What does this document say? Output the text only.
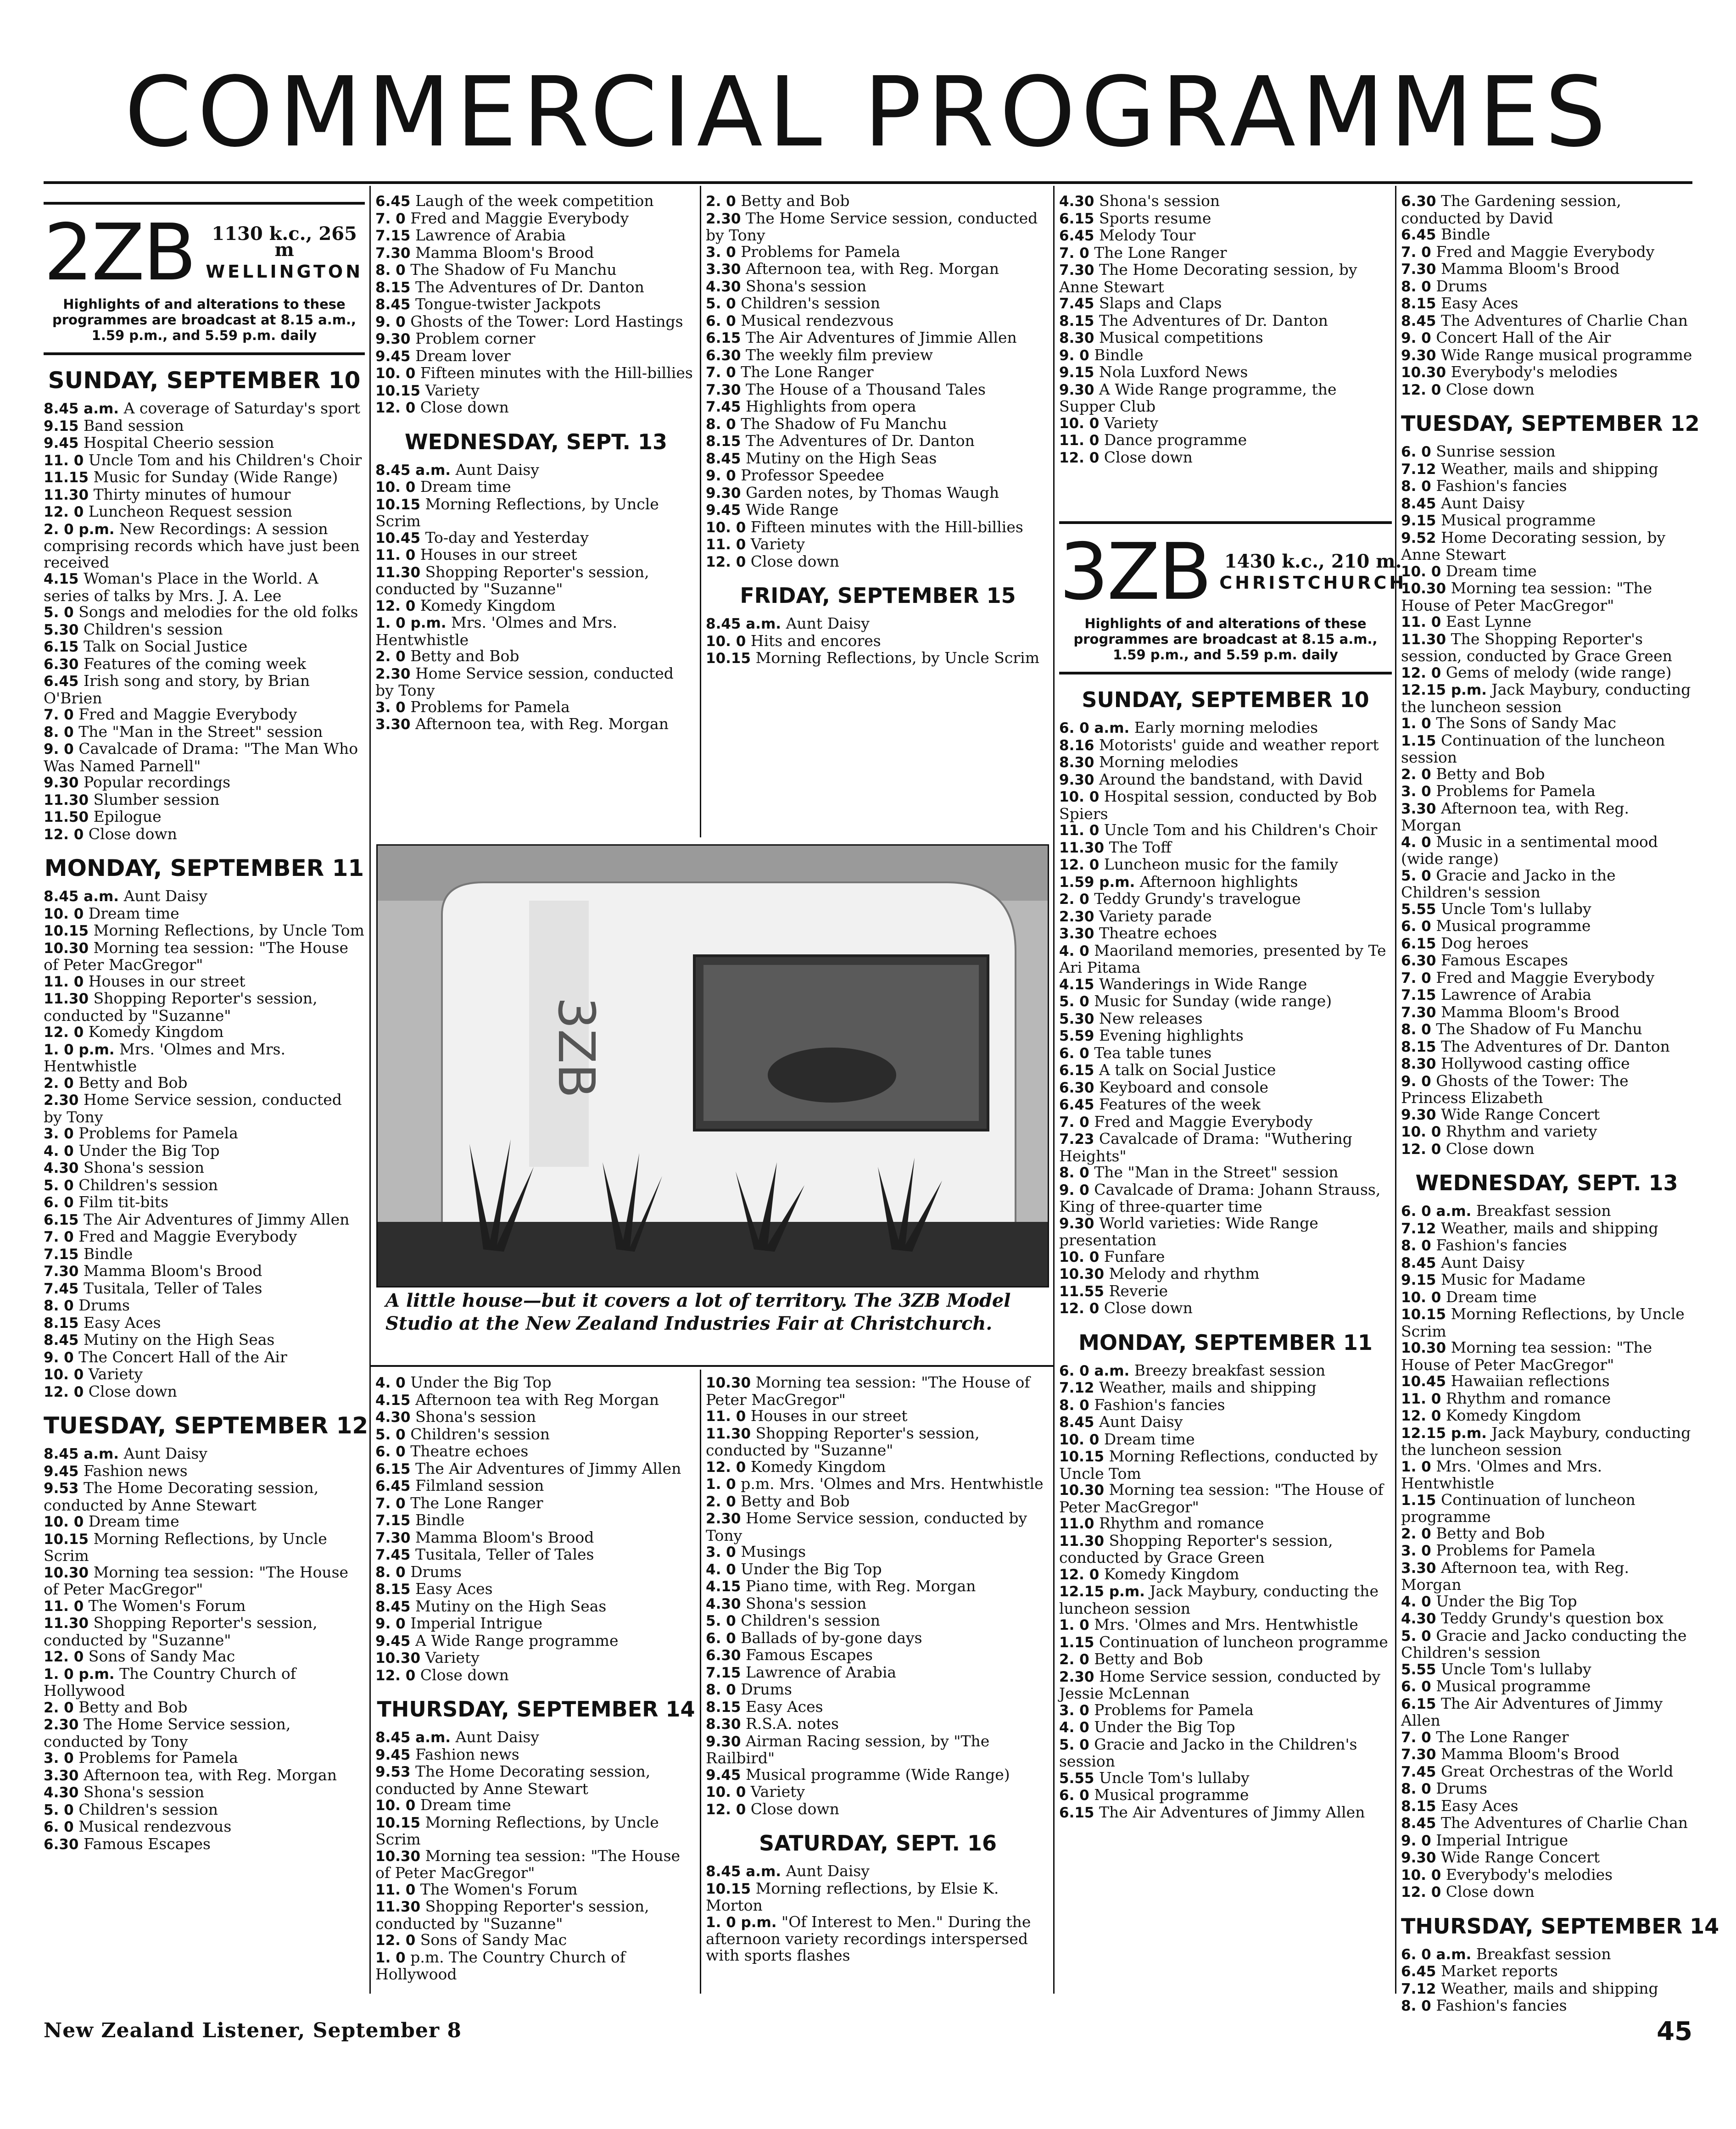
COMMERCIAL PROGRAMMES
2ZB 1130 k.c., 265 m
WELLINGTON
Highlights of and alterations to these programmes are broadcast at 8.15 a.m., 1.59 p.m., and 5.59 p.m. daily
SUNDAY, SEPTEMBER 10

8.45 a.m. A coverage of Saturday's sport

9.15 Band session

9.45 Hospital Cheerio session

11. 0 Uncle Tom and his Children's Choir

11.15 Music for Sunday (Wide Range)

11.30 Thirty minutes of humour

12. 0 Luncheon Request session

2. 0 p.m. New Recordings: A session comprising records which have just been received

4.15 Woman's Place in the World. A series of talks by Mrs. J. A. Lee

5. 0 Songs and melodies for the old folks

5.30 Children's session

6.15 Talk on Social Justice

6.30 Features of the coming week

6.45 Irish song and story, by Brian O'Brien

7. 0 Fred and Maggie Everybody

8. 0 The "Man in the Street" session

9. 0 Cavalcade of Drama: "The Man Who Was Named Parnell"

9.30 Popular recordings

11.30 Slumber session

11.50 Epilogue

12. 0 Close down

MONDAY, SEPTEMBER 11

8.45 a.m. Aunt Daisy

10. 0 Dream time

10.15 Morning Reflections, by Uncle Tom

10.30 Morning tea session: "The House of Peter MacGregor"

11. 0 Houses in our street

11.30 Shopping Reporter's session, conducted by "Suzanne"

12. 0 Komedy Kingdom

1. 0 p.m. Mrs. 'Olmes and Mrs. Hentwhistle

2. 0 Betty and Bob

2.30 Home Service session, conducted by Tony

3. 0 Problems for Pamela

4. 0 Under the Big Top

4.30 Shona's session

5. 0 Children's session

6. 0 Film tit-bits

6.15 The Air Adventures of Jimmy Allen

7. 0 Fred and Maggie Everybody

7.15 Bindle

7.30 Mamma Bloom's Brood

7.45 Tusitala, Teller of Tales

8. 0 Drums

8.15 Easy Aces

8.45 Mutiny on the High Seas

9. 0 The Concert Hall of the Air

10. 0 Variety

12. 0 Close down

TUESDAY, SEPTEMBER 12

8.45 a.m. Aunt Daisy

9.45 Fashion news

9.53 The Home Decorating session, conducted by Anne Stewart

10. 0 Dream time

10.15 Morning Reflections, by Uncle Scrim

10.30 Morning tea session: "The House of Peter MacGregor"

11. 0 The Women's Forum

11.30 Shopping Reporter's session, conducted by "Suzanne"

12. 0 Sons of Sandy Mac

1. 0 p.m. The Country Church of Hollywood

2. 0 Betty and Bob

2.30 The Home Service session, conducted by Tony

3. 0 Problems for Pamela

3.30 Afternoon tea, with Reg. Morgan

4.30 Shona's session

5. 0 Children's session

6. 0 Musical rendezvous

6.30 Famous Escapes

6.45 Laugh of the week competition

7. 0 Fred and Maggie Everybody

7.15 Lawrence of Arabia

7.30 Mamma Bloom's Brood

8. 0 The Shadow of Fu Manchu

8.15 The Adventures of Dr. Danton

8.45 Tongue-twister Jackpots

9. 0 Ghosts of the Tower: Lord Hastings

9.30 Problem corner

9.45 Dream lover

10. 0 Fifteen minutes with the Hill-billies

10.15 Variety

12. 0 Close down

WEDNESDAY, SEPT. 13

8.45 a.m. Aunt Daisy

10. 0 Dream time

10.15 Morning Reflections, by Uncle Scrim

10.45 To-day and Yesterday

11. 0 Houses in our street

11.30 Shopping Reporter's session, conducted by "Suzanne"

12. 0 Komedy Kingdom

1. 0 p.m. Mrs. 'Olmes and Mrs. Hentwhistle

2. 0 Betty and Bob

2.30 Home Service session, conducted by Tony

3. 0 Problems for Pamela

3.30 Afternoon tea, with Reg. Morgan

2. 0 Betty and Bob

2.30 The Home Service session, conducted by Tony

3. 0 Problems for Pamela

3.30 Afternoon tea, with Reg. Morgan

4.30 Shona's session

5. 0 Children's session

6. 0 Musical rendezvous

6.15 The Air Adventures of Jimmie Allen

6.30 The weekly film preview

7. 0 The Lone Ranger

7.30 The House of a Thousand Tales

7.45 Highlights from opera

8. 0 The Shadow of Fu Manchu

8.15 The Adventures of Dr. Danton

8.45 Mutiny on the High Seas

9. 0 Professor Speedee

9.30 Garden notes, by Thomas Waugh

9.45 Wide Range

10. 0 Fifteen minutes with the Hill-billies

11. 0 Variety

12. 0 Close down

FRIDAY, SEPTEMBER 15

8.45 a.m. Aunt Daisy

10. 0 Hits and encores

10.15 Morning Reflections, by Uncle Scrim

3ZB
A little house—but it covers a lot of territory. The 3ZB Model Studio at the New Zealand Industries Fair at Christchurch.

4. 0 Under the Big Top

4.15 Afternoon tea with Reg Morgan

4.30 Shona's session

5. 0 Children's session

6. 0 Theatre echoes

6.15 The Air Adventures of Jimmy Allen

6.45 Filmland session

7. 0 The Lone Ranger

7.15 Bindle

7.30 Mamma Bloom's Brood

7.45 Tusitala, Teller of Tales

8. 0 Drums

8.15 Easy Aces

8.45 Mutiny on the High Seas

9. 0 Imperial Intrigue

9.45 A Wide Range programme

10.30 Variety

12. 0 Close down

THURSDAY, SEPTEMBER 14

8.45 a.m. Aunt Daisy

9.45 Fashion news

9.53 The Home Decorating session, conducted by Anne Stewart

10. 0 Dream time

10.15 Morning Reflections, by Uncle Scrim

10.30 Morning tea session: "The House of Peter MacGregor"

11. 0 The Women's Forum

11.30 Shopping Reporter's session, conducted by "Suzanne"

12. 0 Sons of Sandy Mac

1. 0 p.m. The Country Church of Hollywood

10.30 Morning tea session: "The House of Peter MacGregor"

11. 0 Houses in our street

11.30 Shopping Reporter's session, conducted by "Suzanne"

12. 0 Komedy Kingdom

1. 0 p.m. Mrs. 'Olmes and Mrs. Hentwhistle

2. 0 Betty and Bob

2.30 Home Service session, conducted by Tony

3. 0 Musings

4. 0 Under the Big Top

4.15 Piano time, with Reg. Morgan

4.30 Shona's session

5. 0 Children's session

6. 0 Ballads of by-gone days

6.30 Famous Escapes

7.15 Lawrence of Arabia

8. 0 Drums

8.15 Easy Aces

8.30 R.S.A. notes

9.30 Airman Racing session, by "The Railbird"

9.45 Musical programme (Wide Range)

10. 0 Variety

12. 0 Close down

SATURDAY, SEPT. 16

8.45 a.m. Aunt Daisy

10.15 Morning reflections, by Elsie K. Morton

1. 0 p.m. "Of Interest to Men." During the afternoon variety recordings interspersed with sports flashes

4.30 Shona's session

6.15 Sports resume

6.45 Melody Tour

7. 0 The Lone Ranger

7.30 The Home Decorating session, by Anne Stewart

7.45 Slaps and Claps

8.15 The Adventures of Dr. Danton

8.30 Musical competitions

9. 0 Bindle

9.15 Nola Luxford News

9.30 A Wide Range programme, the Supper Club

10. 0 Variety

11. 0 Dance programme

12. 0 Close down

3ZB 1430 k.c., 210 m.
CHRISTCHURCH
Highlights of and alterations of these programmes are broadcast at 8.15 a.m., 1.59 p.m., and 5.59 p.m. daily
SUNDAY, SEPTEMBER 10

6. 0 a.m. Early morning melodies

8.16 Motorists' guide and weather report

8.30 Morning melodies

9.30 Around the bandstand, with David

10. 0 Hospital session, conducted by Bob Spiers

11. 0 Uncle Tom and his Children's Choir

11.30 The Toff

12. 0 Luncheon music for the family

1.59 p.m. Afternoon highlights

2. 0 Teddy Grundy's travelogue

2.30 Variety parade

3.30 Theatre echoes

4. 0 Maoriland memories, presented by Te Ari Pitama

4.15 Wanderings in Wide Range

5. 0 Music for Sunday (wide range)

5.30 New releases

5.59 Evening highlights

6. 0 Tea table tunes

6.15 A talk on Social Justice

6.30 Keyboard and console

6.45 Features of the week

7. 0 Fred and Maggie Everybody

7.23 Cavalcade of Drama: "Wuthering Heights"

8. 0 The "Man in the Street" session

9. 0 Cavalcade of Drama: Johann Strauss, King of three-quarter time

9.30 World varieties: Wide Range presentation

10. 0 Funfare

10.30 Melody and rhythm

11.55 Reverie

12. 0 Close down

MONDAY, SEPTEMBER 11

6. 0 a.m. Breezy breakfast session

7.12 Weather, mails and shipping

8. 0 Fashion's fancies

8.45 Aunt Daisy

10. 0 Dream time

10.15 Morning Reflections, conducted by Uncle Tom

10.30 Morning tea session: "The House of Peter MacGregor"

11.0 Rhythm and romance

11.30 Shopping Reporter's session, conducted by Grace Green

12. 0 Komedy Kingdom

12.15 p.m. Jack Maybury, conducting the luncheon session

1. 0 Mrs. 'Olmes and Mrs. Hentwhistle

1.15 Continuation of luncheon programme

2. 0 Betty and Bob

2.30 Home Service session, conducted by Jessie McLennan

3. 0 Problems for Pamela

4. 0 Under the Big Top

5. 0 Gracie and Jacko in the Children's session

5.55 Uncle Tom's lullaby

6. 0 Musical programme

6.15 The Air Adventures of Jimmy Allen

6.30 The Gardening session, conducted by David

6.45 Bindle

7. 0 Fred and Maggie Everybody

7.30 Mamma Bloom's Brood

8. 0 Drums

8.15 Easy Aces

8.45 The Adventures of Charlie Chan

9. 0 Concert Hall of the Air

9.30 Wide Range musical programme

10.30 Everybody's melodies

12. 0 Close down

TUESDAY, SEPTEMBER 12

6. 0 Sunrise session

7.12 Weather, mails and shipping

8. 0 Fashion's fancies

8.45 Aunt Daisy

9.15 Musical programme

9.52 Home Decorating session, by Anne Stewart

10. 0 Dream time

10.30 Morning tea session: "The House of Peter MacGregor"

11. 0 East Lynne

11.30 The Shopping Reporter's session, conducted by Grace Green

12. 0 Gems of melody (wide range)

12.15 p.m. Jack Maybury, conducting the luncheon session

1. 0 The Sons of Sandy Mac

1.15 Continuation of the luncheon session

2. 0 Betty and Bob

3. 0 Problems for Pamela

3.30 Afternoon tea, with Reg. Morgan

4. 0 Music in a sentimental mood (wide range)

5. 0 Gracie and Jacko in the Children's session

5.55 Uncle Tom's lullaby

6. 0 Musical programme

6.15 Dog heroes

6.30 Famous Escapes

7. 0 Fred and Maggie Everybody

7.15 Lawrence of Arabia

7.30 Mamma Bloom's Brood

8. 0 The Shadow of Fu Manchu

8.15 The Adventures of Dr. Danton

8.30 Hollywood casting office

9. 0 Ghosts of the Tower: The Princess Elizabeth

9.30 Wide Range Concert

10. 0 Rhythm and variety

12. 0 Close down

WEDNESDAY, SEPT. 13

6. 0 a.m. Breakfast session

7.12 Weather, mails and shipping

8. 0 Fashion's fancies

8.45 Aunt Daisy

9.15 Music for Madame

10. 0 Dream time

10.15 Morning Reflections, by Uncle Scrim

10.30 Morning tea session: "The House of Peter MacGregor"

10.45 Hawaiian reflections

11. 0 Rhythm and romance

12. 0 Komedy Kingdom

12.15 p.m. Jack Maybury, conducting the luncheon session

1. 0 Mrs. 'Olmes and Mrs. Hentwhistle

1.15 Continuation of luncheon programme

2. 0 Betty and Bob

3. 0 Problems for Pamela

3.30 Afternoon tea, with Reg. Morgan

4. 0 Under the Big Top

4.30 Teddy Grundy's question box

5. 0 Gracie and Jacko conducting the Children's session

5.55 Uncle Tom's lullaby

6. 0 Musical programme

6.15 The Air Adventures of Jimmy Allen

7. 0 The Lone Ranger

7.30 Mamma Bloom's Brood

7.45 Great Orchestras of the World

8. 0 Drums

8.15 Easy Aces

8.45 The Adventures of Charlie Chan

9. 0 Imperial Intrigue

9.30 Wide Range Concert

10. 0 Everybody's melodies

12. 0 Close down

THURSDAY, SEPTEMBER 14

6. 0 a.m. Breakfast session

6.45 Market reports

7.12 Weather, mails and shipping

8. 0 Fashion's fancies

New Zealand Listener, September 8	45
